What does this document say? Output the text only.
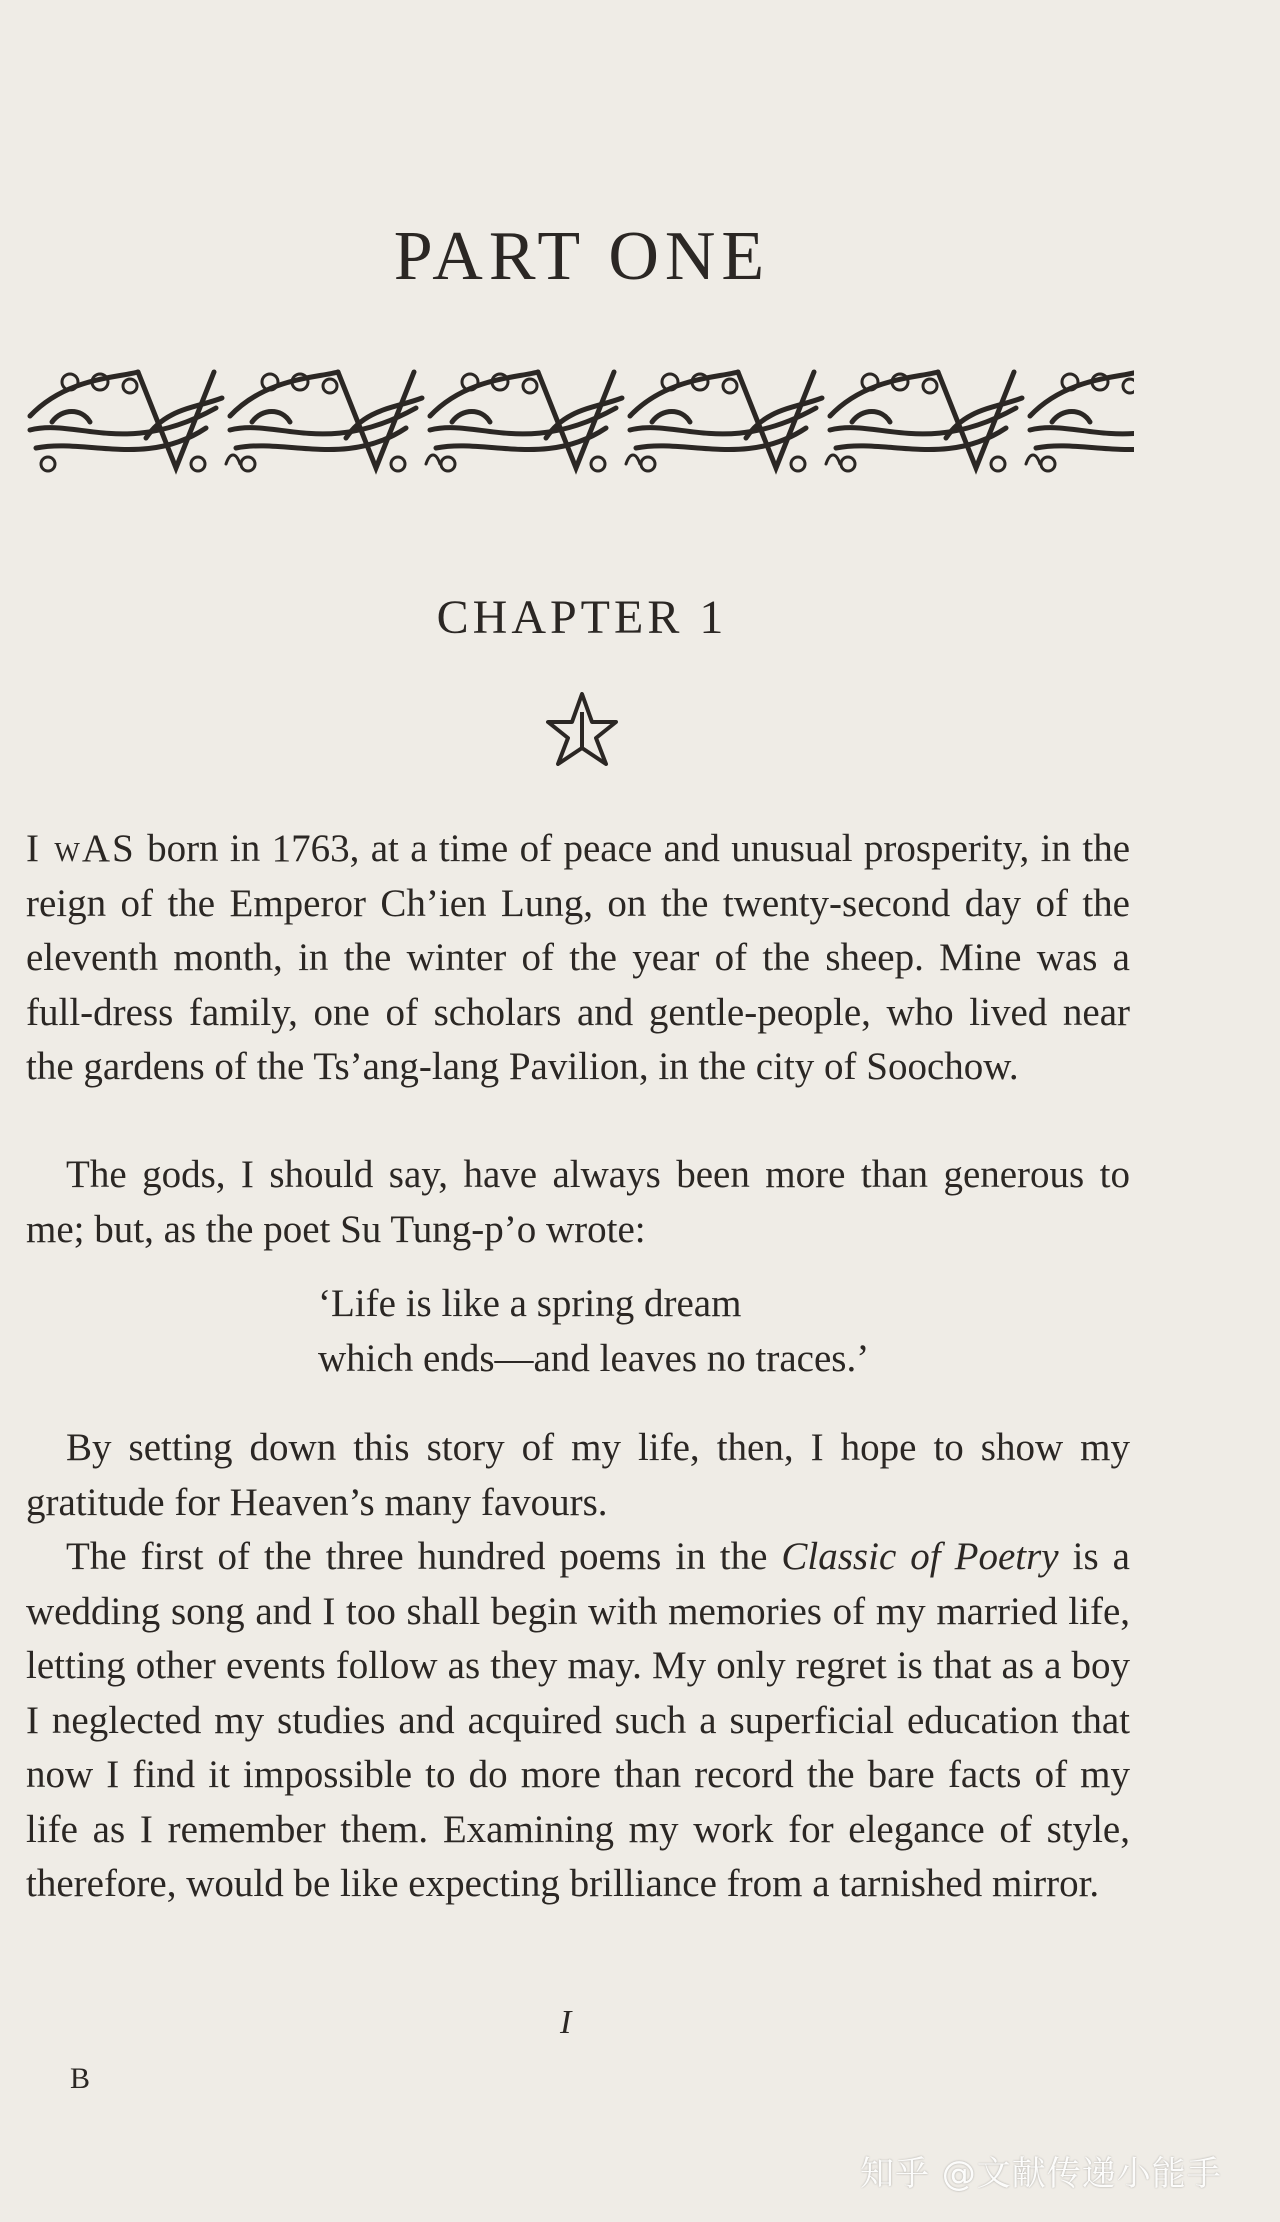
PART ONE
CHAPTER 1

I wAS born in 1763, at a time of peace and unusual prosperity, in the reign of the Emperor Ch’ien Lung, on the twenty-second day of the eleventh month, in the winter of the year of the sheep. Mine was a full-dress family, one of scholars and gentle-people, who lived near the gardens of the Ts’ang-lang Pavilion, in the city of Soochow.

The gods, I should say, have always been more than generous to me; but, as the poet Su Tung-p’o wrote:

‘Life is like a spring dream
which ends—and leaves no traces.’

By setting down this story of my life, then, I hope to show my gratitude for Heaven’s many favours.

The first of the three hundred poems in the Classic of Poetry is a wedding song and I too shall begin with memories of my married life, letting other events follow as they may. My only regret is that as a boy I neglected my studies and acquired such a superficial education that now I find it impossible to do more than record the bare facts of my life as I remember them. Examining my work for elegance of style, therefore, would be like expecting brilliance from a tarnished mirror.

I
B
知乎 @文献传递小能手
